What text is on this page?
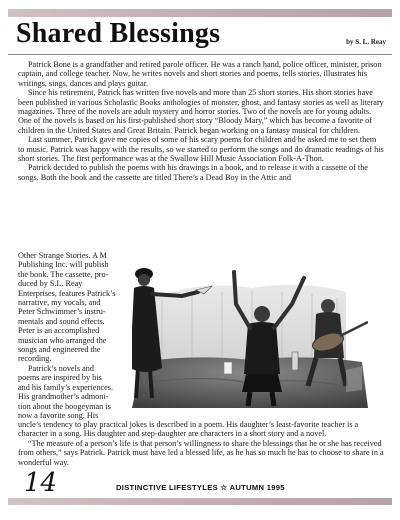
Shared Blessings	by S. L. Reay

Patrick Bone is a grandfather and retired parole officer. He was a ranch hand, police officer, minister, prison captain, and college teacher. Now, he writes novels and short stories and poems, tells stories, illustrates his writings, sings, dances and plays guitar.

Since his retirement, Patrick has written five novels and more than 25 short stories. His short stories have been published in various Scholastic Books anthologies of monster, ghost, and fantasy stories as well as literary magazines. Three of the novels are adult mystery and horror stories. Two of the novels are for young adults. One of the novels is based on his first-published short story “Bloody Mary,” which has become a favorite of children in the United States and Great Britain. Patrick began working on a fantasy musical for children.

Last summer, Patrick gave me copies of some of his scary poems for children and he asked me to set them to music. Patrick was happy with the results, so we started to perform the songs and do dramatic readings of his short stories. The first performance was at the Swallow Hill Music Association Folk-A-Thon.

Patrick decided to publish the poems with his drawings in a book, and to release it with a cassette of the songs. Both the book and the cassette are titled There’s a Dead Boy in the Attic and

Other Strange Stories. A M

Publishing Inc. will publish

the book. The cassette, pro-

duced by S.L. Reay

Enterprises, features Patrick’s

narrative, my vocals, and

Peter Schwimmer’s instru-

mentals and sound effects.

Peter is an accomplished

musician who arranged the

songs and engineered the

recording.

Patrick’s novels and

poems are inspired by his

and his family’s experiences.

His grandmother’s admoni-

tion about the boogeyman is

now a favorite song. His

uncle’s tendency to play practical jokes is described in a poem. His daughter’s least-favorite teacher is a character in a song. His daughter and step-daughter are characters in a short story and a novel.

“The measure of a person’s life is that person’s willingness to share the blessings that he or she has received from others,” says Patrick. Patrick must have led a blessed life, as he has so much he has to choose to share in a wonderful way.

14	DISTINCTIVE LIFESTYLES ☆ AUTUMN 1995
